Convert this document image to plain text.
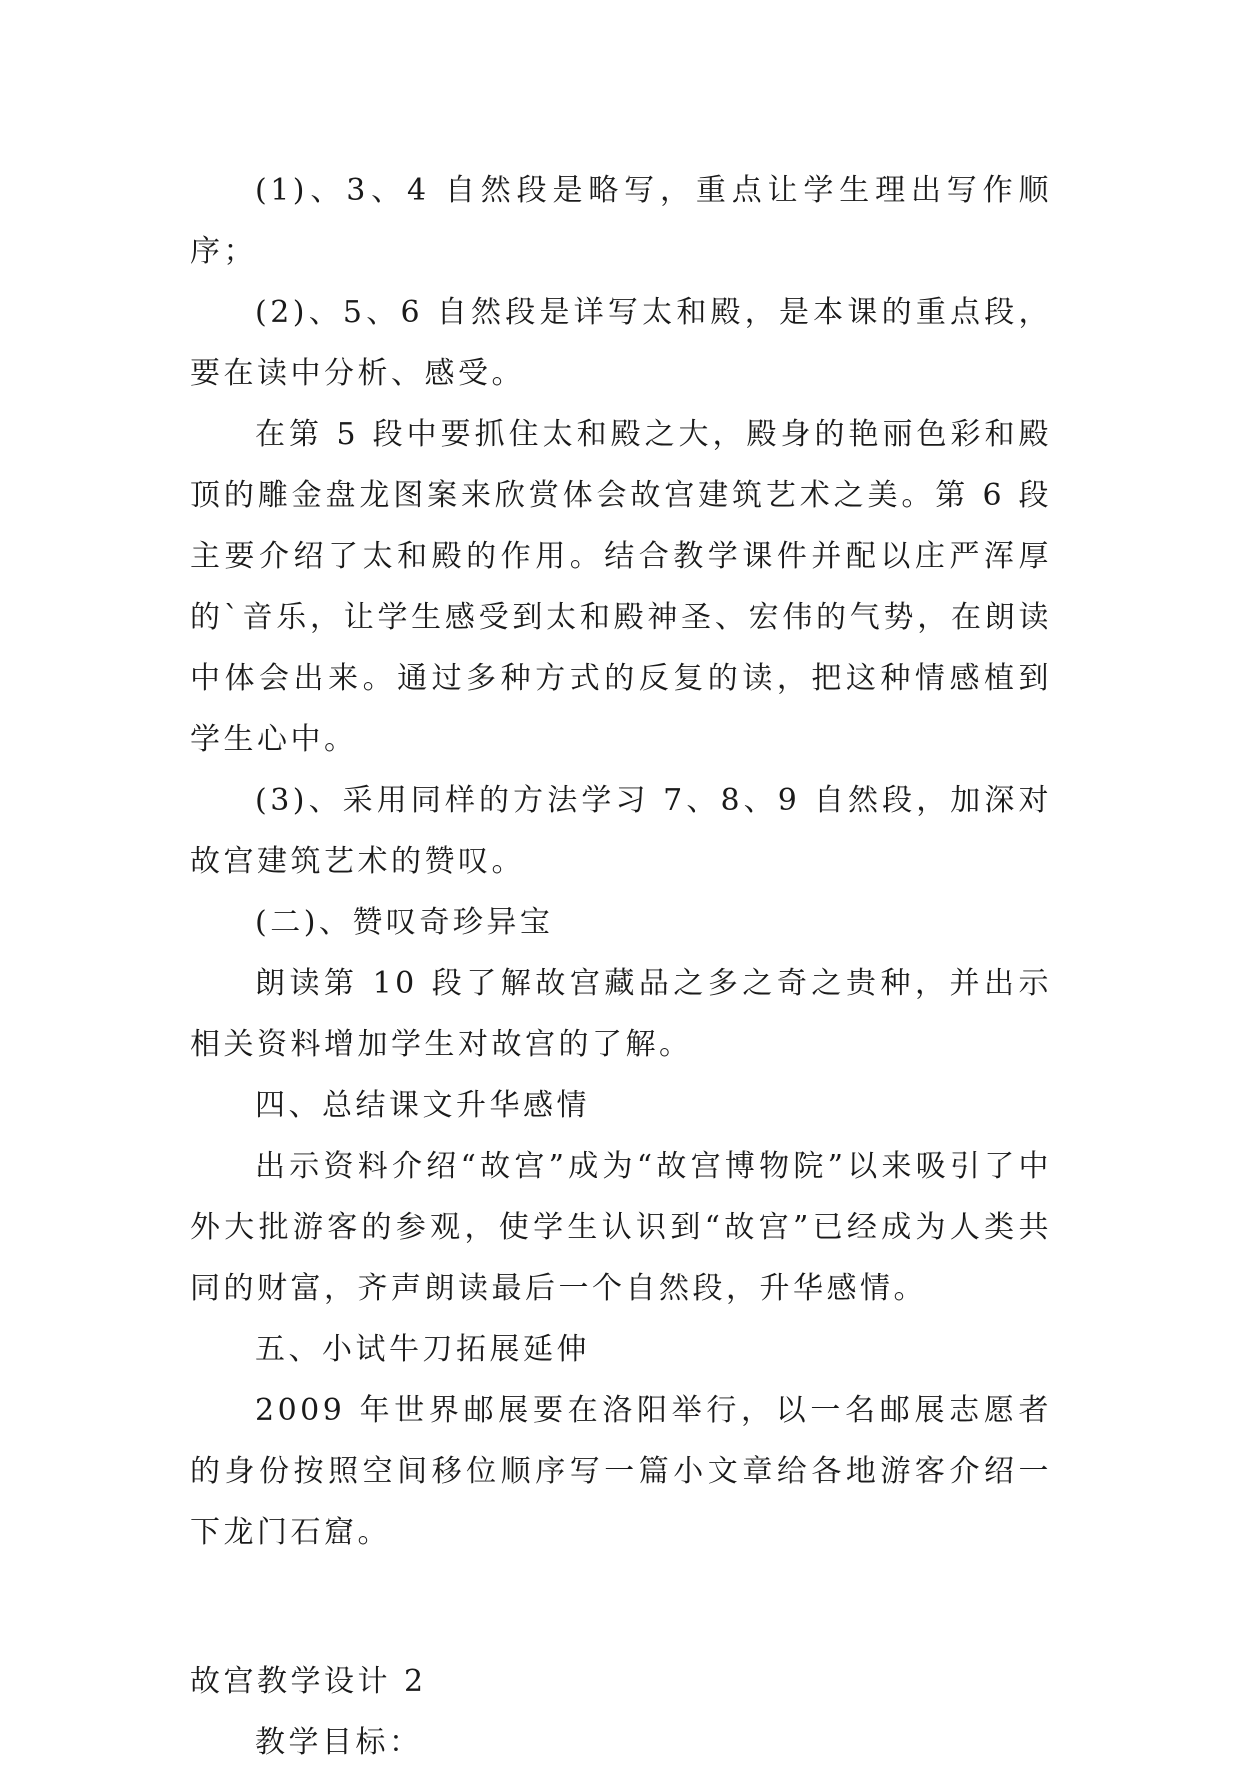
(1)、3、4 自然段是略写，重点让学生理出写作顺序；

(2)、5、6 自然段是详写太和殿，是本课的重点段，要在读中分析、感受。

在第 5 段中要抓住太和殿之大，殿身的艳丽色彩和殿顶的雕金盘龙图案来欣赏体会故宫建筑艺术之美。第 6 段主要介绍了太和殿的作用。结合教学课件并配以庄严浑厚的`音乐，让学生感受到太和殿神圣、宏伟的气势，在朗读中体会出来。通过多种方式的反复的读，把这种情感植到学生心中。

(3)、采用同样的方法学习 7、8、9 自然段，加深对故宫建筑艺术的赞叹。

(二)、赞叹奇珍异宝

朗读第 10 段了解故宫藏品之多之奇之贵种，并出示相关资料增加学生对故宫的了解。

四、总结课文升华感情

出示资料介绍“故宫”成为“故宫博物院”以来吸引了中外大批游客的参观，使学生认识到“故宫”已经成为人类共同的财富，齐声朗读最后一个自然段，升华感情。

五、小试牛刀拓展延伸

2009 年世界邮展要在洛阳举行，以一名邮展志愿者的身份按照空间移位顺序写一篇小文章给各地游客介绍一下龙门石窟。

故宫教学设计 2

教学目标：
